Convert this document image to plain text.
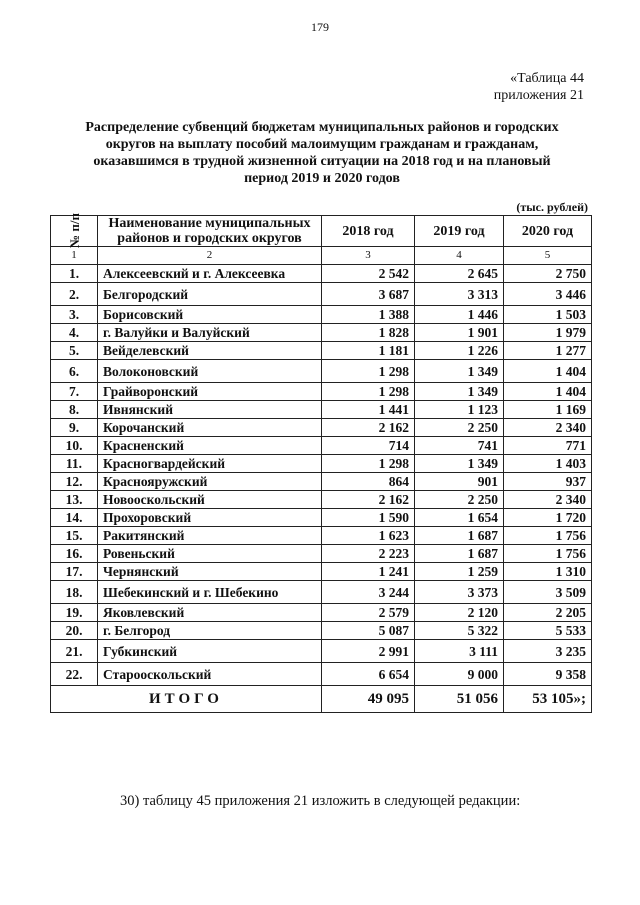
179
«Таблица 44
приложения 21
Распределение субвенций бюджетам муниципальных районов и городских
округов на выплату пособий малоимущим гражданам и гражданам,
оказавшимся в трудной жизненной ситуации на 2018 год и на плановый
период 2019 и 2020 годов
(тыс. рублей)
№ п/п	Наименование муниципальных районов и городских округов	2018 год	2019 год	2020 год
1	2	3	4	5
1.	Алексеевский и г. Алексеевка	2 542	2 645	2 750
2.	Белгородский	3 687	3 313	3 446
3.	Борисовский	1 388	1 446	1 503
4.	г. Валуйки и Валуйский	1 828	1 901	1 979
5.	Вейделевский	1 181	1 226	1 277
6.	Волоконовский	1 298	1 349	1 404
7.	Грайворонский	1 298	1 349	1 404
8.	Ивнянский	1 441	1 123	1 169
9.	Корочанский	2 162	2 250	2 340
10.	Красненский	714	741	771
11.	Красногвардейский	1 298	1 349	1 403
12.	Краснояружский	864	901	937
13.	Новооскольский	2 162	2 250	2 340
14.	Прохоровский	1 590	1 654	1 720
15.	Ракитянский	1 623	1 687	1 756
16.	Ровеньский	2 223	1 687	1 756
17.	Чернянский	1 241	1 259	1 310
18.	Шебекинский и г. Шебекино	3 244	3 373	3 509
19.	Яковлевский	2 579	2 120	2 205
20.	г. Белгород	5 087	5 322	5 533
21.	Губкинский	2 991	3 111	3 235
22.	Старооскольский	6 654	9 000	9 358
ИТОГО		49 095	51 056	53 105»;
30) таблицу 45 приложения 21 изложить в следующей редакции:
